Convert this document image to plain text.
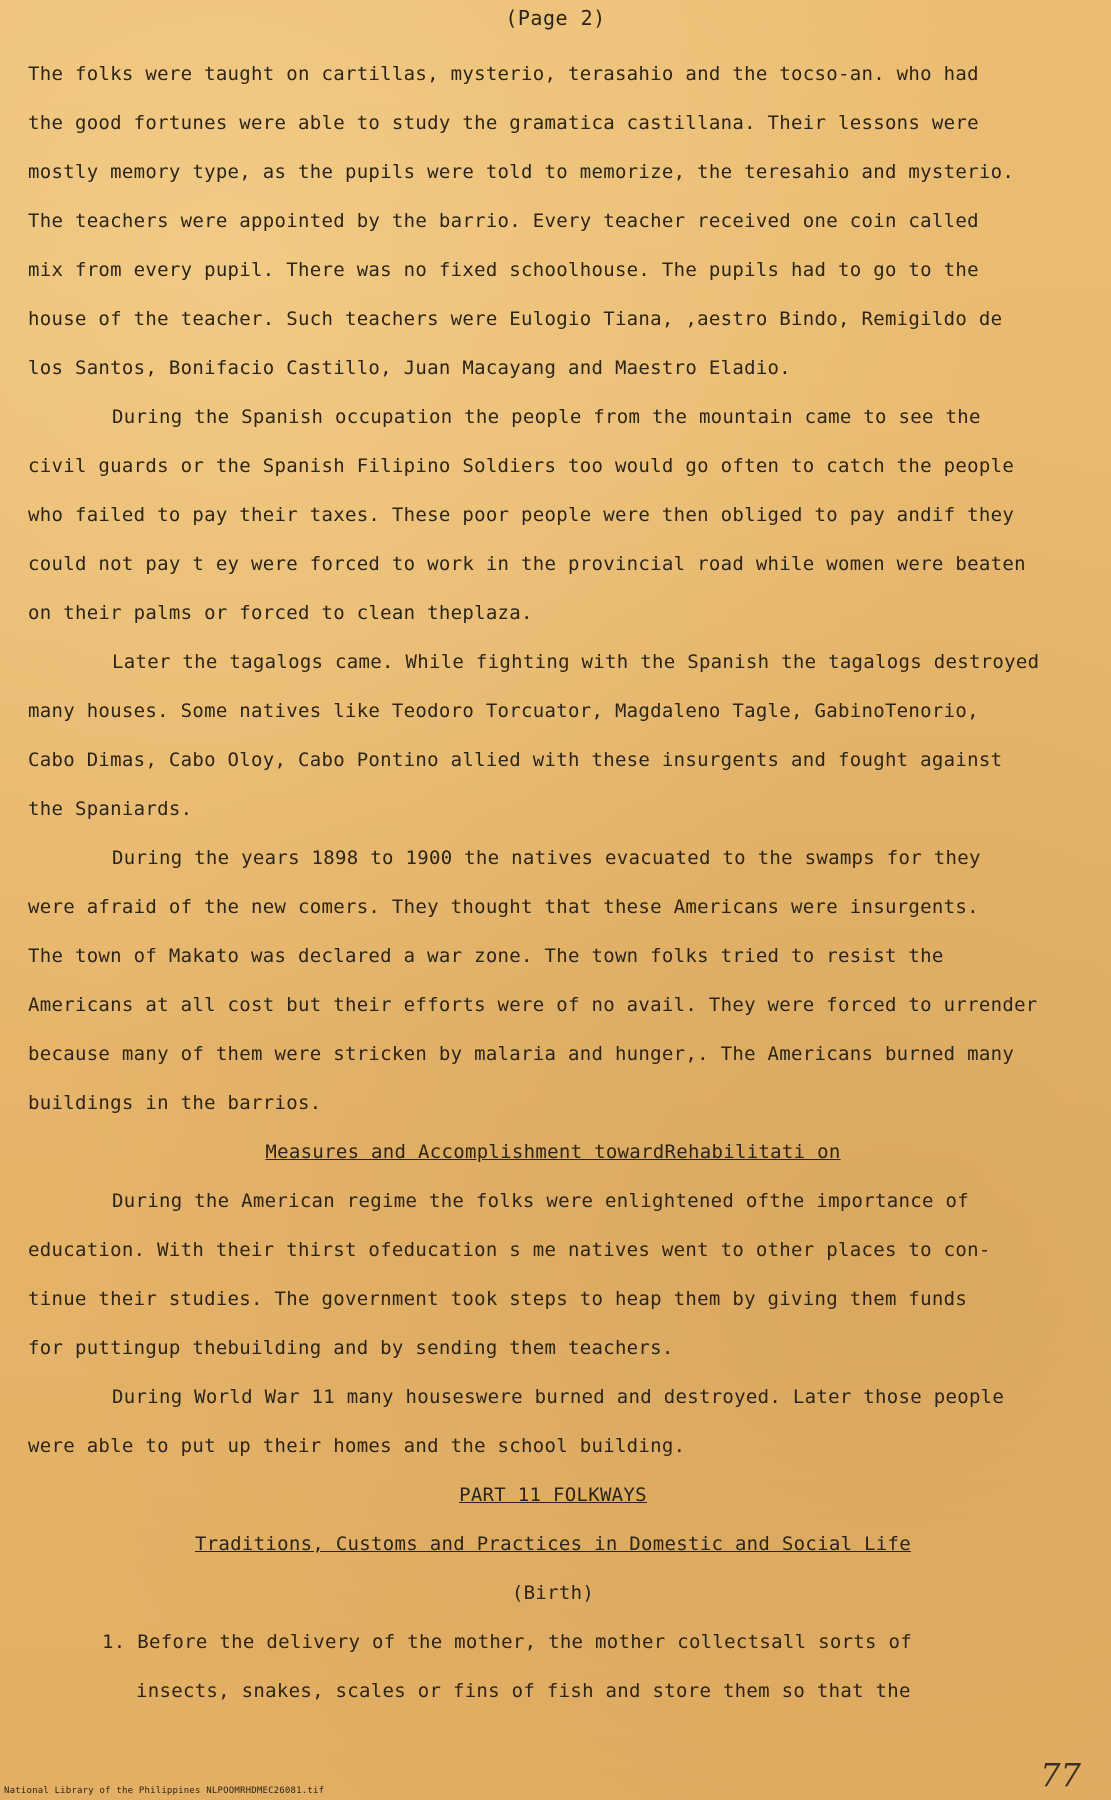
(Page 2)
The folks were taught on cartillas, mysterio, terasahio and the tocso-an. who had
the good fortunes were able to study the gramatica castillana. Their lessons were
mostly memory type, as the pupils were told to memorize, the teresahio and mysterio.
The teachers were appointed by the barrio. Every teacher received one coin called
mix from every pupil. There was no fixed schoolhouse. The pupils had to go to the
house of the teacher. Such teachers were Eulogio Tiana, ,aestro Bindo, Remigildo de
los Santos, Bonifacio Castillo, Juan Macayang and Maestro Eladio.
During the Spanish occupation the people from the mountain came to see the
civil guards or the Spanish Filipino Soldiers too would go often to catch the people
who failed to pay their taxes. These poor people were then obliged to pay andif they
could not pay t ey were forced to work in the provincial road while women were beaten
on their palms or forced to clean theplaza.
Later the tagalogs came. While fighting with the Spanish the tagalogs destroyed
many houses. Some natives like Teodoro Torcuator, Magdaleno Tagle, GabinoTenorio,
Cabo Dimas, Cabo Oloy, Cabo Pontino allied with these insurgents and fought against
the Spaniards.
During the years 1898 to 1900 the natives evacuated to the swamps for they
were afraid of the new comers. They thought that these Americans were insurgents.
The town of Makato was declared a war zone. The town folks tried to resist the
Americans at all cost but their efforts were of no avail. They were forced to urrender
because many of them were stricken by malaria and hunger,. The Americans burned many
buildings in the barrios.
Measures and Accomplishment towardRehabilitati on
During the American regime the folks were enlightened ofthe importance of
education. With their thirst ofeducation s me natives went to other places to con-
tinue their studies. The government took steps to heap them by giving them funds
for puttingup thebuilding and by sending them teachers.
During World War 11 many houseswere burned and destroyed. Later those people
were able to put up their homes and the school building.
PART 11 FOLKWAYS
Traditions, Customs and Practices in Domestic and Social Life
(Birth)
1. Before the delivery of the mother, the mother collectsall sorts of
insects, snakes, scales or fins of fish and store them so that the
National Library of the Philippines NLPOOMRHDMEC26081.tif	77
